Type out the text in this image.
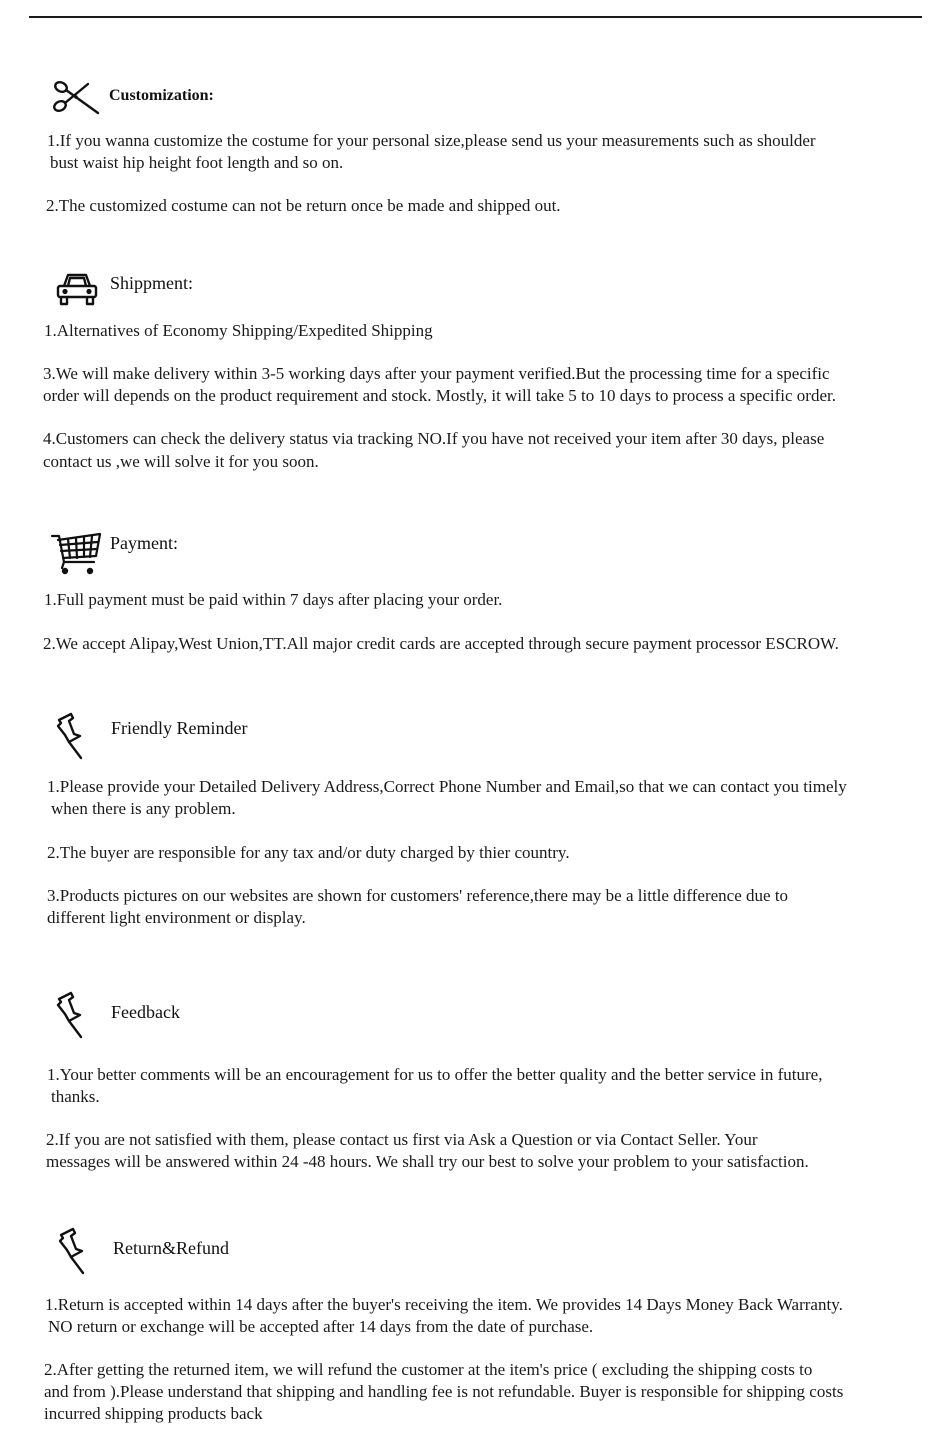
Customization:
1.If you wanna customize the costume for your personal size,please send us your measurements such as shoulder
bust waist hip height foot length and so on.
2.The customized costume can not be return once be made and shipped out.
Shippment:
1.Alternatives of Economy Shipping/Expedited Shipping
3.We will make delivery within 3-5 working days after your payment verified.But the processing time for a specific
order will depends on the product requirement and stock. Mostly, it will take 5 to 10 days to process a specific order.
4.Customers can check the delivery status via tracking NO.If you have not received your item after 30 days, please
contact us ,we will solve it for you soon.
Payment:
1.Full payment must be paid within 7 days after placing your order.
2.We accept Alipay,West Union,TT.All major credit cards are accepted through secure payment processor ESCROW.
Friendly Reminder
1.Please provide your Detailed Delivery Address,Correct Phone Number and Email,so that we can contact you timely
when there is any problem.
2.The buyer are responsible for any tax and/or duty charged by thier country.
3.Products pictures on our websites are shown for customers' reference,there may be a little difference due to
different light environment or display.
Feedback
1.Your better comments will be an encouragement for us to offer the better quality and the better service in future,
thanks.
2.If you are not satisfied with them, please contact us first via Ask a Question or via Contact Seller. Your
messages will be answered within 24 -48 hours. We shall try our best to solve your problem to your satisfaction.
Return&Refund
1.Return is accepted within 14 days after the buyer's receiving the item. We provides 14 Days Money Back Warranty.
NO return or exchange will be accepted after 14 days from the date of purchase.
2.After getting the returned item, we will refund the customer at the item's price ( excluding the shipping costs to
and from ).Please understand that shipping and handling fee is not refundable. Buyer is responsible for shipping costs
incurred shipping products back
